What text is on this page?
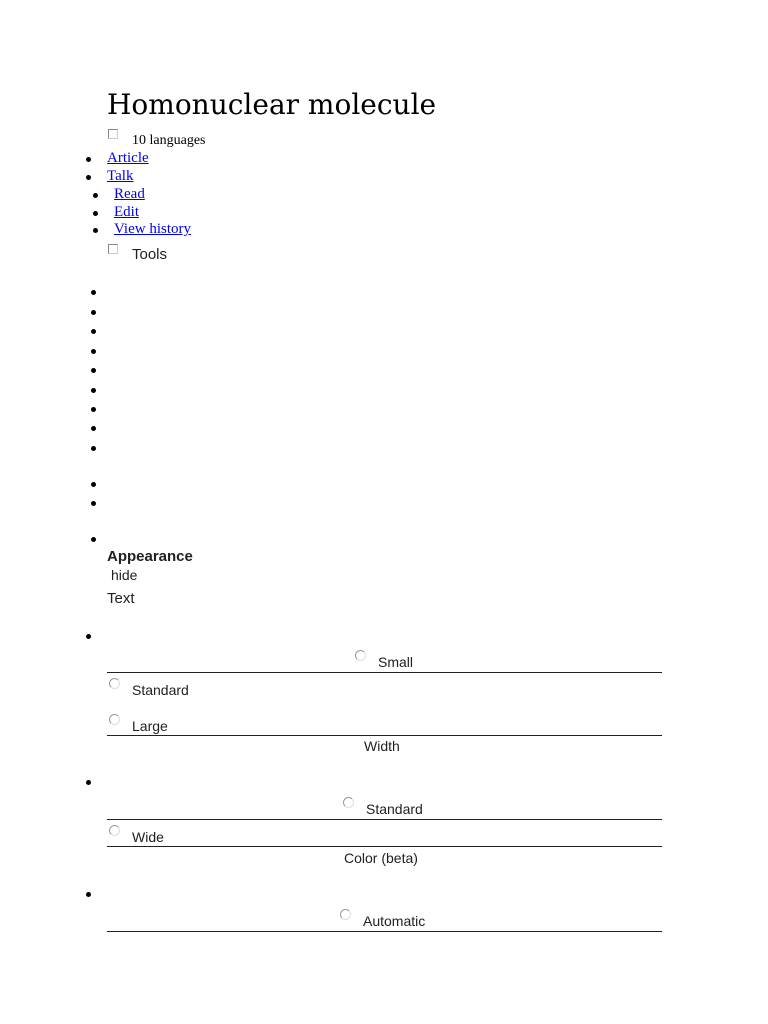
Homonuclear molecule
10 languages
Article
Talk
Read
Edit
View history
Tools
Appearance
hide
Text
Small
Standard
Large
Width
Standard
Wide
Color (beta)
Automatic
